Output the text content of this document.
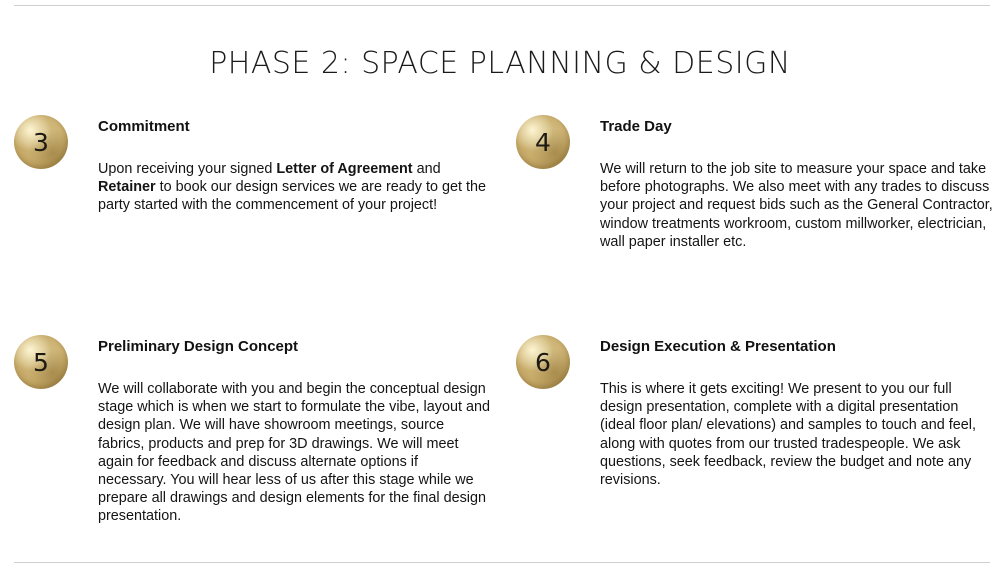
PHASE 2: SPACE PLANNING & DESIGN
3
Commitment

Upon receiving your signed Letter of Agreement and Retainer to book our design services we are ready to get the party started with the commencement of your project!

4
Trade Day

We will return to the job site to measure your space and take before photographs. We also meet with any trades to discuss your project and request bids such as the General Contractor, window treatments workroom, custom millworker, electrician, wall paper installer etc.

5
Preliminary Design Concept

We will collaborate with you and begin the conceptual design stage which is when we start to formulate the vibe, layout and design plan. We will have showroom meetings, source fabrics, products and prep for 3D drawings. We will meet again for feedback and discuss alternate options if necessary. You will hear less of us after this stage while we prepare all drawings and design elements for the final design presentation.

6
Design Execution & Presentation

This is where it gets exciting! We present to you our full design presentation, complete with a digital presentation (ideal floor plan/ elevations) and samples to touch and feel, along with quotes from our trusted tradespeople. We ask questions, seek feedback, review the budget and note any revisions.
